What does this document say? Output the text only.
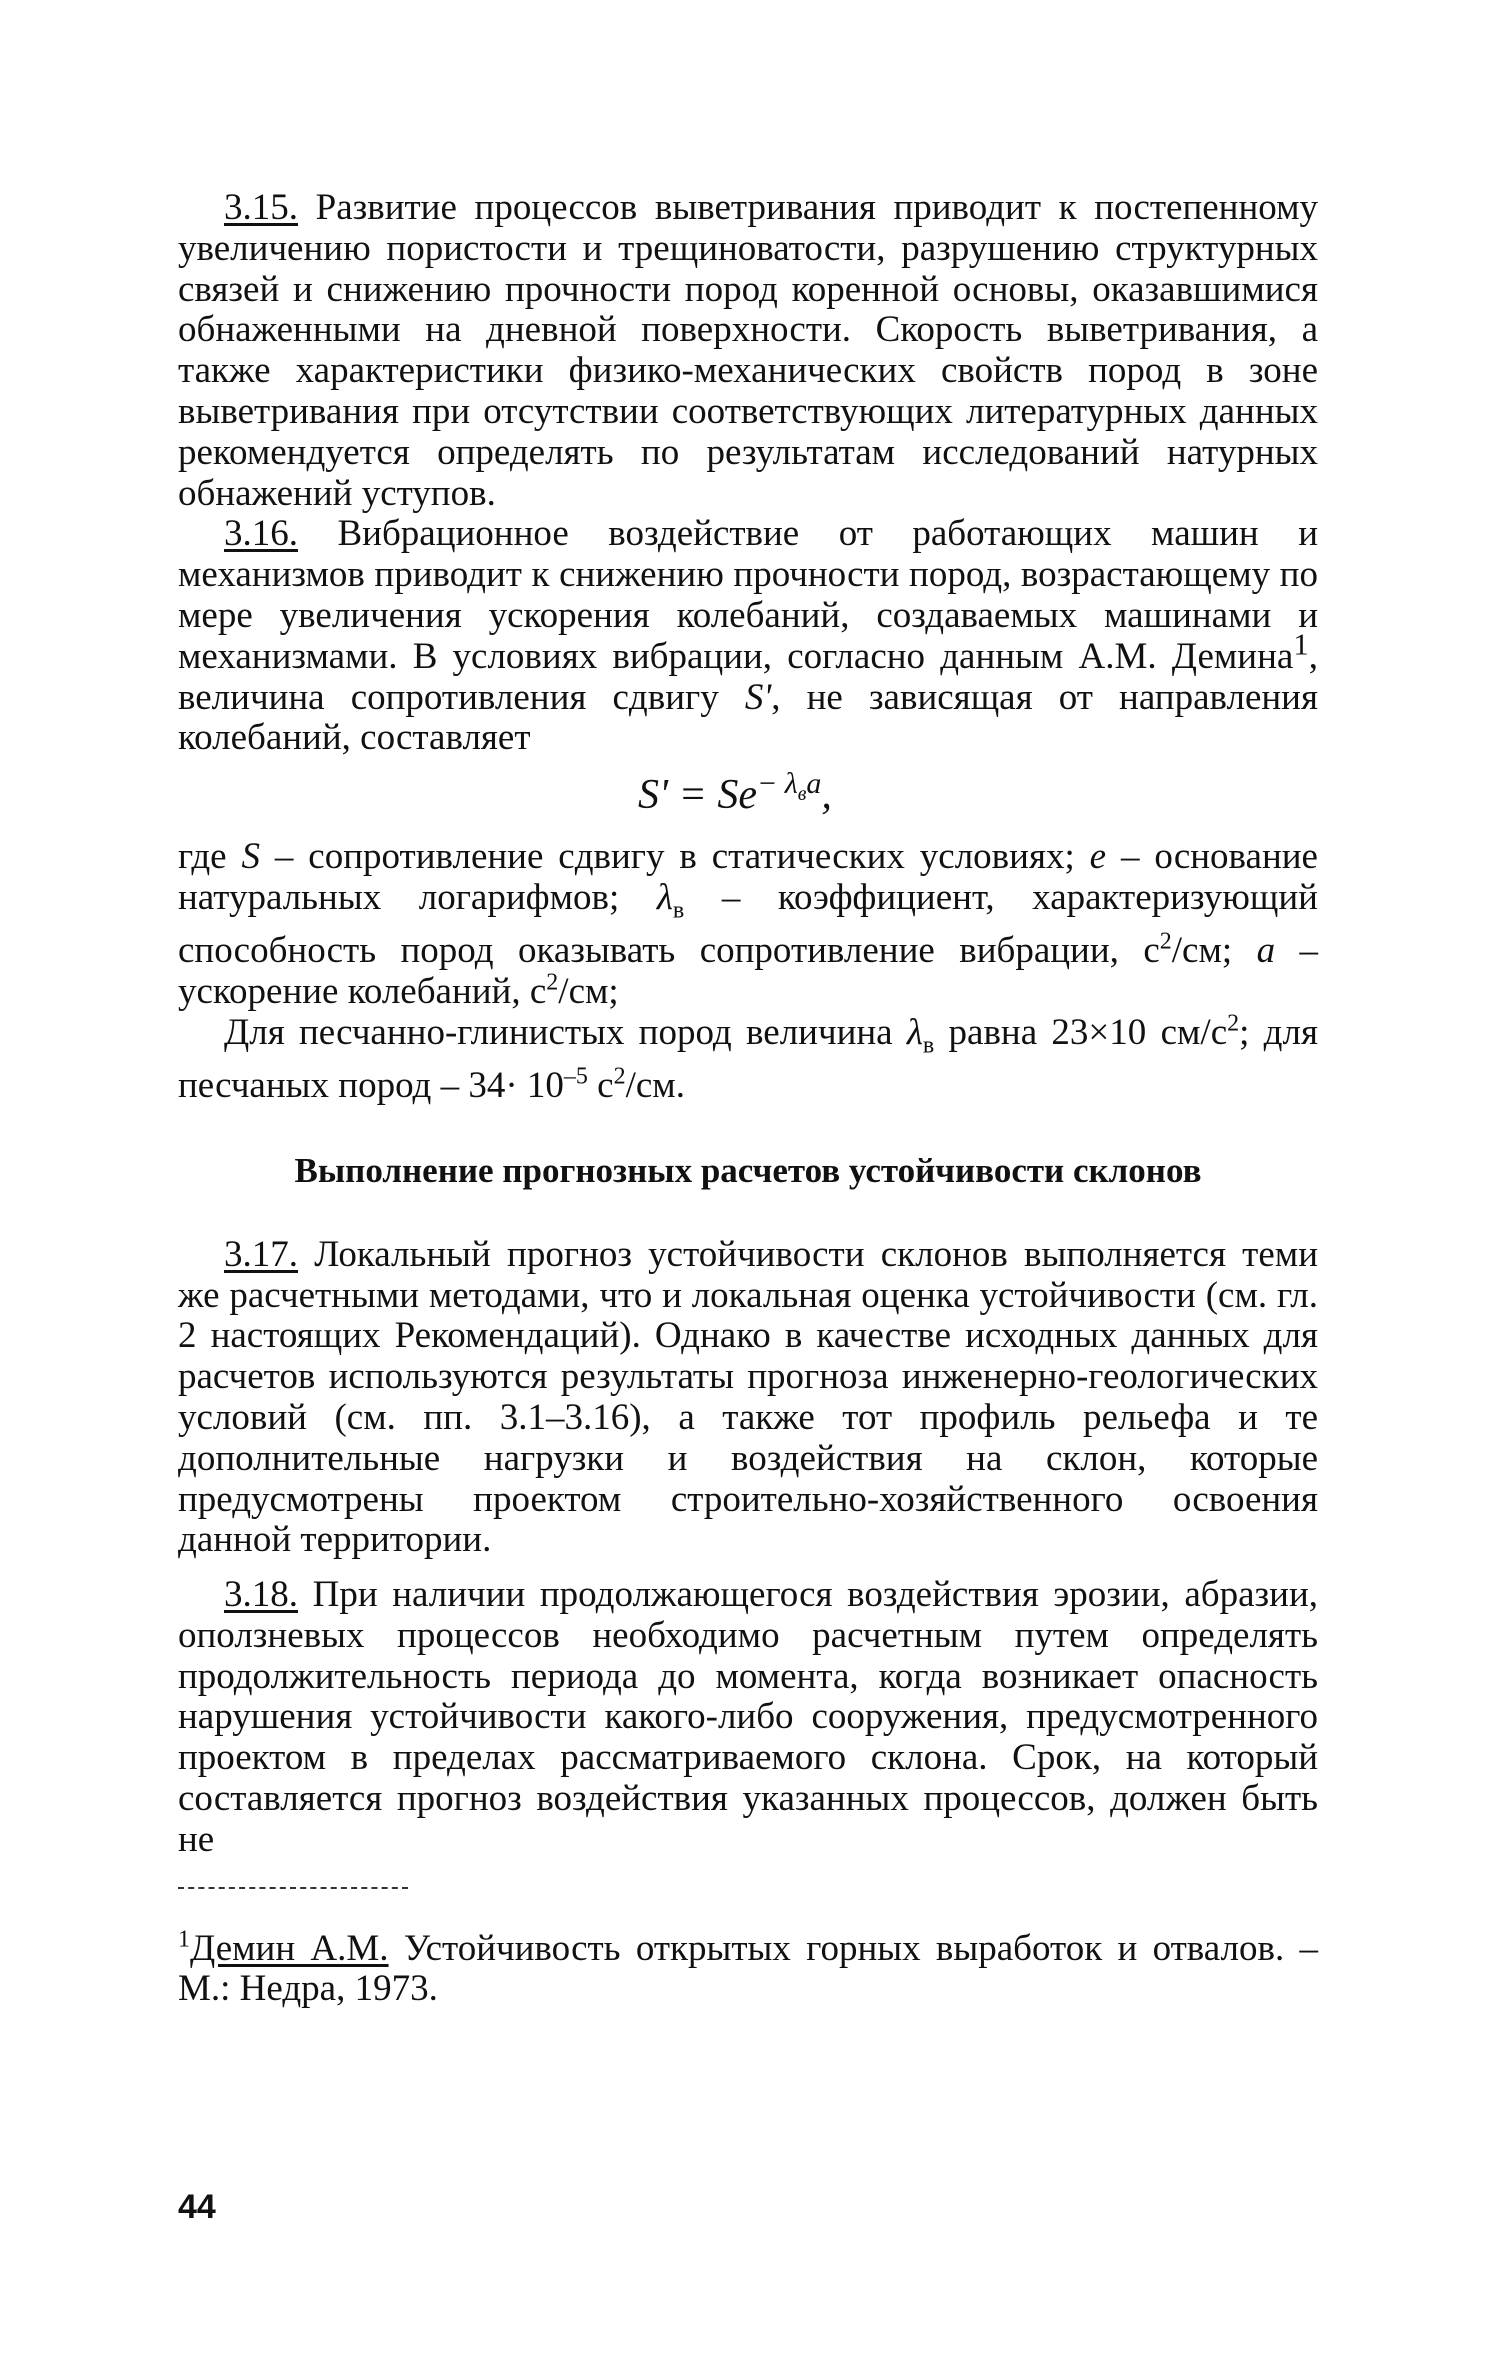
3.15. Развитие процессов выветривания приводит к постепенному увеличению пористости и трещиноватости, разрушению структурных связей и снижению прочности пород коренной основы, оказавшимися обнаженными на дневной поверхности. Скорость выветривания, а также характеристики физико-механических свойств пород в зоне выветривания при отсутствии соответствующих литературных данных рекомендуется определять по результатам исследований натурных обнажений уступов.

3.16. Вибрационное воздействие от работающих машин и механизмов приводит к снижению прочности пород, возрастающему по мере увеличения ускорения колебаний, создаваемых машинами и механизмами. В условиях вибрации, согласно данным А.М. Демина$^1$, величина сопротивления сдвигу S', не зависящая от направления колебаний, составляет

$S' = Se^{- \lambda_вa}$,

где S – сопротивление сдвигу в статических условиях; e – основание натуральных логарифмов; $\lambda_в$ – коэффициент, характеризующий способность пород оказывать сопротивление вибрации, $с^2/см$; a – ускорение колебаний, $с^2/см$;

Для песчанно-глинистых пород величина $\lambda_в$ равна 23×10 $см/с^2$; для песчаных пород – $34\cdot 10^{-5}$ $с^2/см$.

Выполнение прогнозных расчетов устойчивости склонов

3.17. Локальный прогноз устойчивости склонов выполняется теми же расчетными методами, что и локальная оценка устойчивости (см. гл. 2 настоящих Рекомендаций). Однако в качестве исходных данных для расчетов используются результаты прогноза инженерно-геологических условий (см. пп. 3.1–3.16), а также тот профиль рельефа и те дополнительные нагрузки и воздействия на склон, которые предусмотрены проектом строительно-хозяйственного освоения данной территории.

3.18. При наличии продолжающегося воздействия эрозии, абразии, оползневых процессов необходимо расчетным путем определять продолжительность периода до момента, когда возникает опасность нарушения устойчивости какого-либо сооружения, предусмотренного проектом в пределах рассматриваемого склона. Срок, на который составляется прогноз воздействия указанных процессов, должен быть не

$^1$Демин А.М. Устойчивость открытых горных выработок и отвалов. – М.: Недра, 1973.

44
